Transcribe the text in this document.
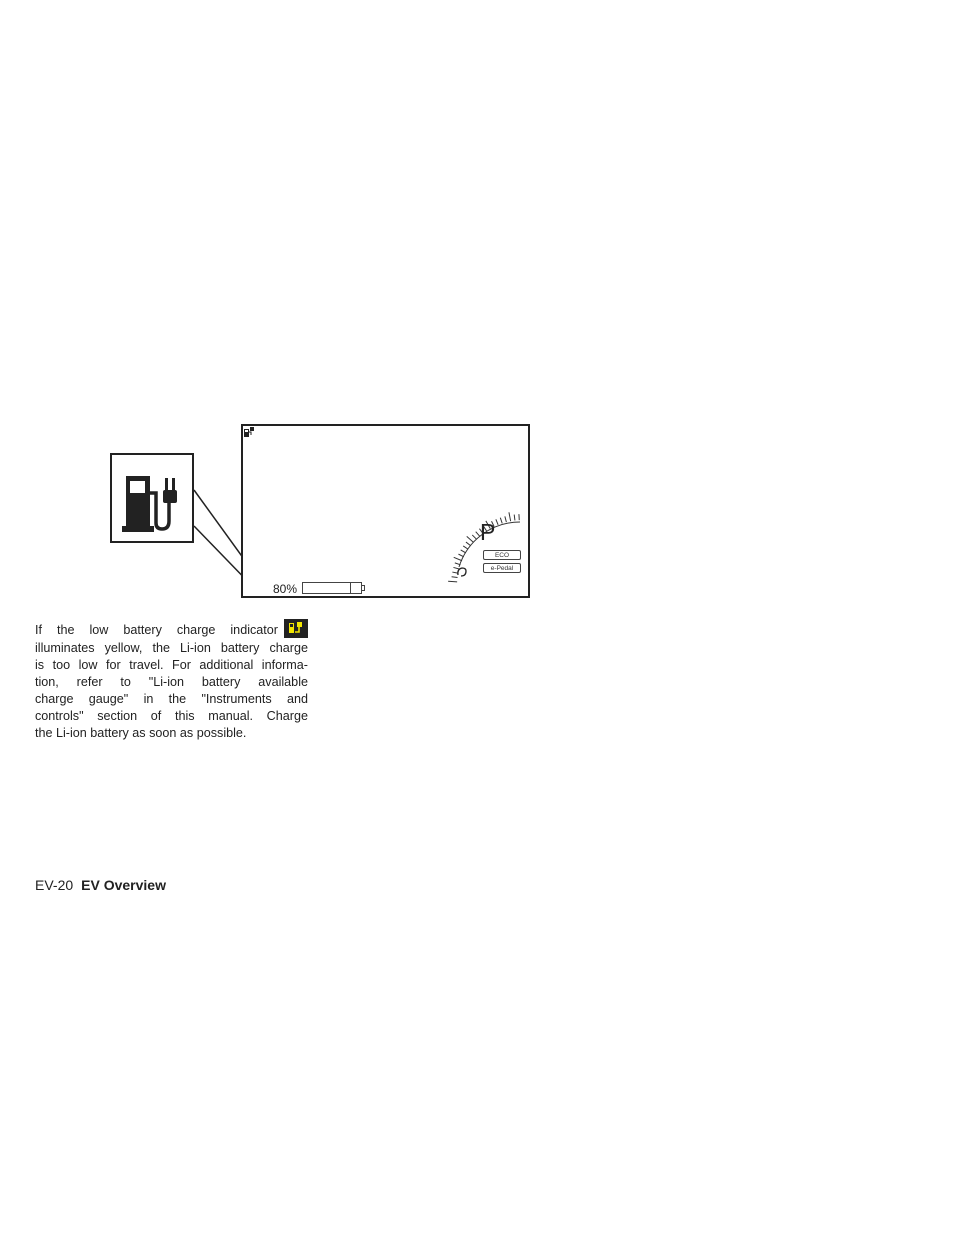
P
ECO
e-Pedal
80%
If the low battery charge indicator
illuminates yellow, the Li-ion battery charge
is too low for travel. For additional informa-
tion, refer to "Li-ion battery available
charge gauge" in the "Instruments and
controls" section of this manual. Charge
the Li-ion battery as soon as possible.
EV-20 EV Overview
